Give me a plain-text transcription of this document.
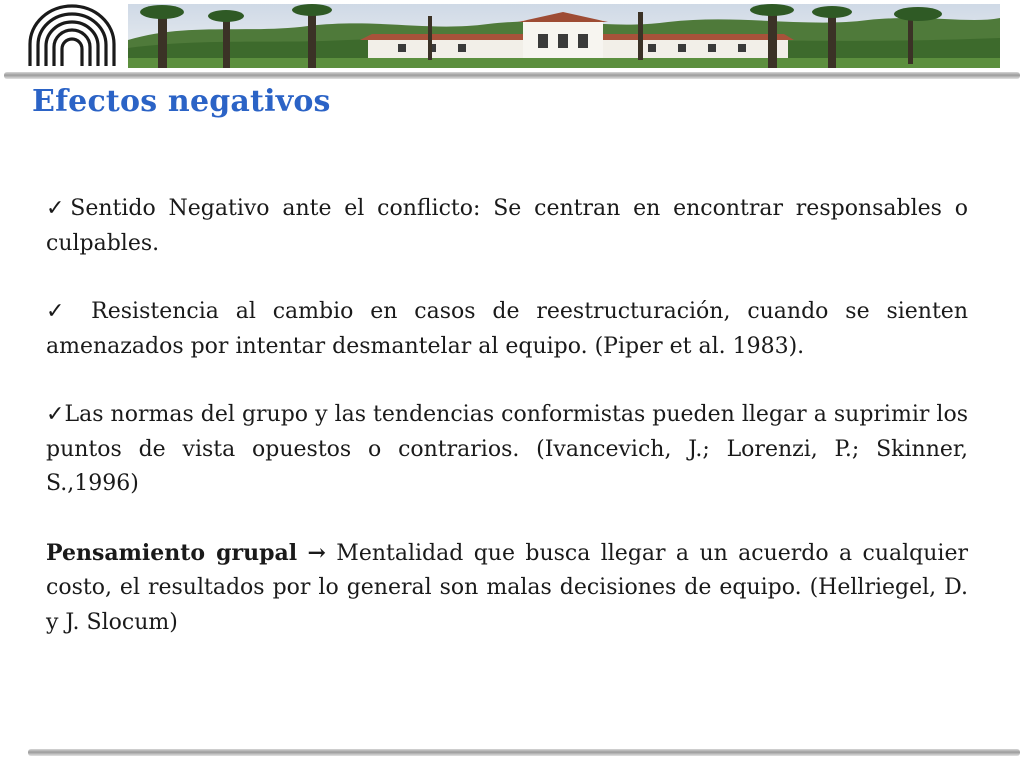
Efectos negativos

✓Sentido Negativo ante el conflicto: Se centran en encontrar responsables o culpables.

✓ Resistencia al cambio en casos de reestructuración, cuando se sienten amenazados por intentar desmantelar al equipo. (Piper et al. 1983).

✓Las normas del grupo y las tendencias conformistas pueden llegar a suprimir los puntos de vista opuestos o contrarios. (Ivancevich, J.; Lorenzi, P.; Skinner, S.,1996)

Pensamiento grupal → Mentalidad que busca llegar a un acuerdo a cualquier costo, el resultados por lo general son malas decisiones de equipo. (Hellriegel, D. y J. Slocum)
